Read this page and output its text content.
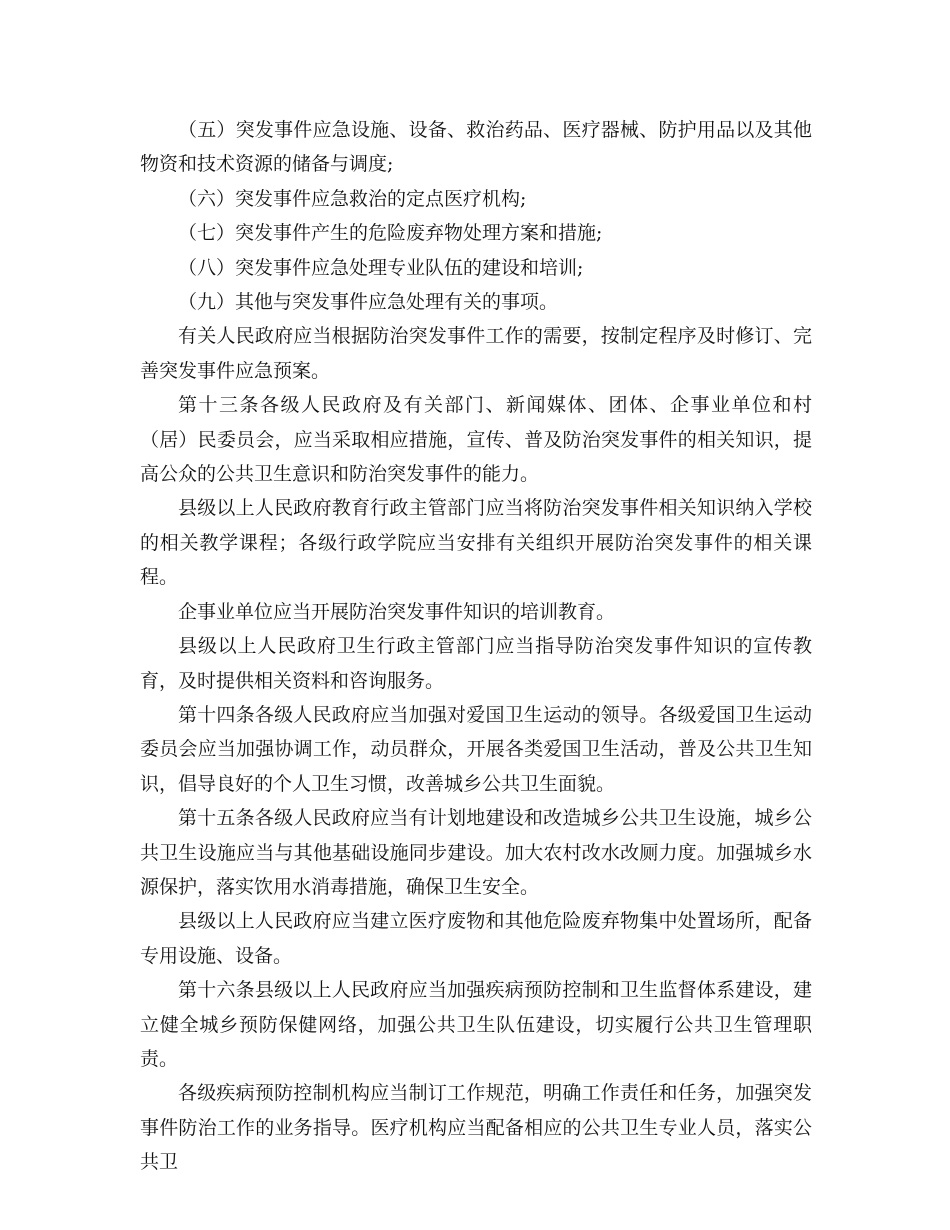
（五）突发事件应急设施、设备、救治药品、医疗器械、防护用品以及其他物资和技术资源的储备与调度;

（六）突发事件应急救治的定点医疗机构;

（七）突发事件产生的危险废弃物处理方案和措施;

（八）突发事件应急处理专业队伍的建设和培训;

（九）其他与突发事件应急处理有关的事项。

有关人民政府应当根据防治突发事件工作的需要，按制定程序及时修订、完善突发事件应急预案。

第十三条各级人民政府及有关部门、新闻媒体、团体、企事业单位和村（居）民委员会，应当采取相应措施，宣传、普及防治突发事件的相关知识，提高公众的公共卫生意识和防治突发事件的能力。

县级以上人民政府教育行政主管部门应当将防治突发事件相关知识纳入学校的相关教学课程；各级行政学院应当安排有关组织开展防治突发事件的相关课程。

企事业单位应当开展防治突发事件知识的培训教育。

县级以上人民政府卫生行政主管部门应当指导防治突发事件知识的宣传教育，及时提供相关资料和咨询服务。

第十四条各级人民政府应当加强对爱国卫生运动的领导。各级爱国卫生运动委员会应当加强协调工作，动员群众，开展各类爱国卫生活动，普及公共卫生知识，倡导良好的个人卫生习惯，改善城乡公共卫生面貌。

第十五条各级人民政府应当有计划地建设和改造城乡公共卫生设施，城乡公共卫生设施应当与其他基础设施同步建设。加大农村改水改厕力度。加强城乡水源保护，落实饮用水消毒措施，确保卫生安全。

县级以上人民政府应当建立医疗废物和其他危险废弃物集中处置场所，配备专用设施、设备。

第十六条县级以上人民政府应当加强疾病预防控制和卫生监督体系建设，建立健全城乡预防保健网络，加强公共卫生队伍建设，切实履行公共卫生管理职责。

各级疾病预防控制机构应当制订工作规范，明确工作责任和任务，加强突发事件防治工作的业务指导。医疗机构应当配备相应的公共卫生专业人员，落实公共卫
